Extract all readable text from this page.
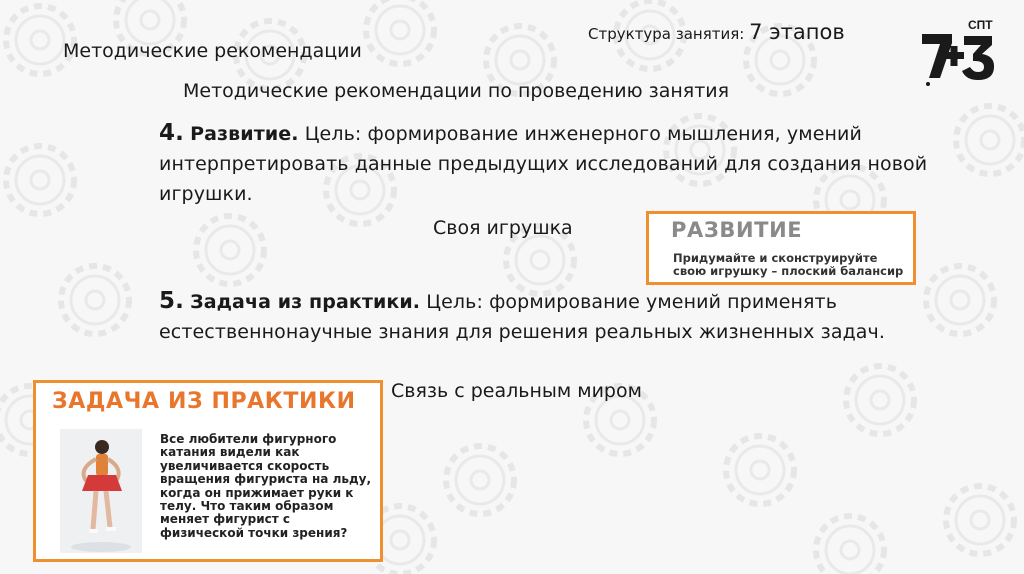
Структура занятия: 7 этапов	СПТ
Методические рекомендации
Методические рекомендации по проведению занятия
4. Развитие. Цель: формирование инженерного мышления, умений интерпретировать данные предыдущих исследований для создания новой игрушки.
Своя игрушка	РАЗВИТИЕ
Придумайте и сконструируйте свою игрушку – плоский балансир
5. Задача из практики. Цель: формирование умений применять естественнонаучные знания для решения реальных жизненных задач.
Связь с реальным миром
ЗАДАЧА ИЗ ПРАКТИКИ
Все любители фигурного катания видели как увеличивается скорость вращения фигуриста на льду, когда он прижимает руки к телу. Что таким образом меняет фигурист с физической точки зрения?
